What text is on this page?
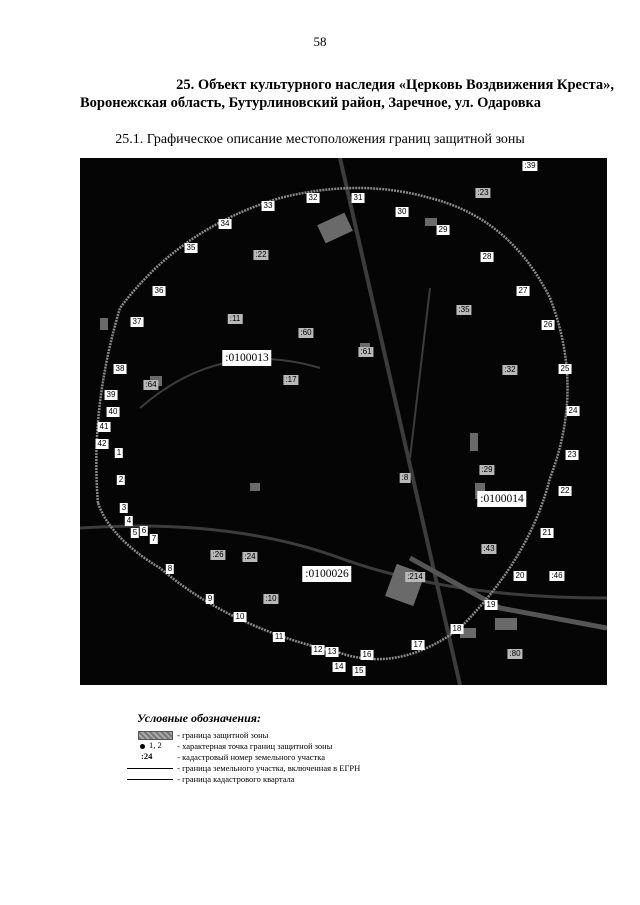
58
25. Объект культурного наследия «Церковь Воздвижения Креста»,
Воронежская область, Бутурлиновский район, Заречное, ул. Одаровка
25.1. Графическое описание местоположения границ защитной зоны
:0100013
:0100014
:0100026
1
2
3
4
5 6
7
8
9
10
11
12 13
14 15
16
17
18
19
20
21
22
23
24
25
26
27
28
29
30
31
32
33
34
35
36
37
38
39
40
41
42
:39
:23
:22
:11
:60
:61
:17
:64
:35
:32
:29
:8
:43
:26	:24
:10
:214	:46
:80
Условные обозначения:
- граница защитной зоны
1, 2 - характерная точка границ защитной зоны
:24	- кадастровый номер земельного участка
- граница земельного участка, включенная в ЕГРН
- граница кадастрового квартала
